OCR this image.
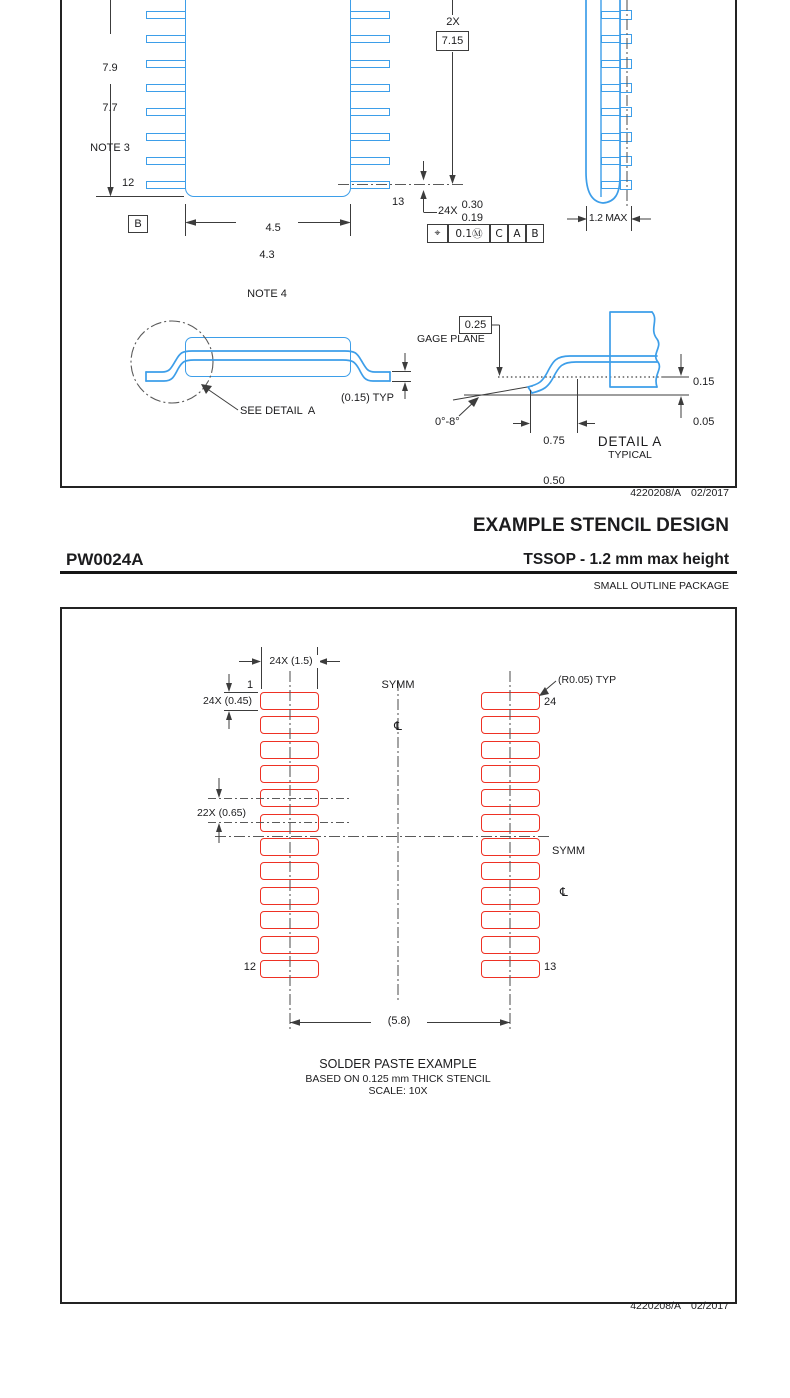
12
13

7.9

7.7

NOTE 3

4.5

4.3

NOTE 4

B
2X
7.15
24X
0.30
0.19
⌖	0.1Ⓜ	C	A	B
1.2 MAX
(0.15) TYP
SEE DETAIL  A
0.25
GAGE PLANE

0.15

0.05

0°-8°

0.75

0.50

DETAIL A
TYPICAL

4220208/A 02/2017

EXAMPLE STENCIL DESIGN
PW0024A	TSSOP - 1.2 mm max height
SMALL OUTLINE PACKAGE

SYMM

℄

SYMM

℄

24X (1.5)
24X (0.45)
(R0.05) TYP
22X (0.65)
1
24
12	13
(5.8)
SOLDER PASTE EXAMPLE
BASED ON 0.125 mm THICK STENCIL
SCALE: 10X

4220208/A 02/2017
